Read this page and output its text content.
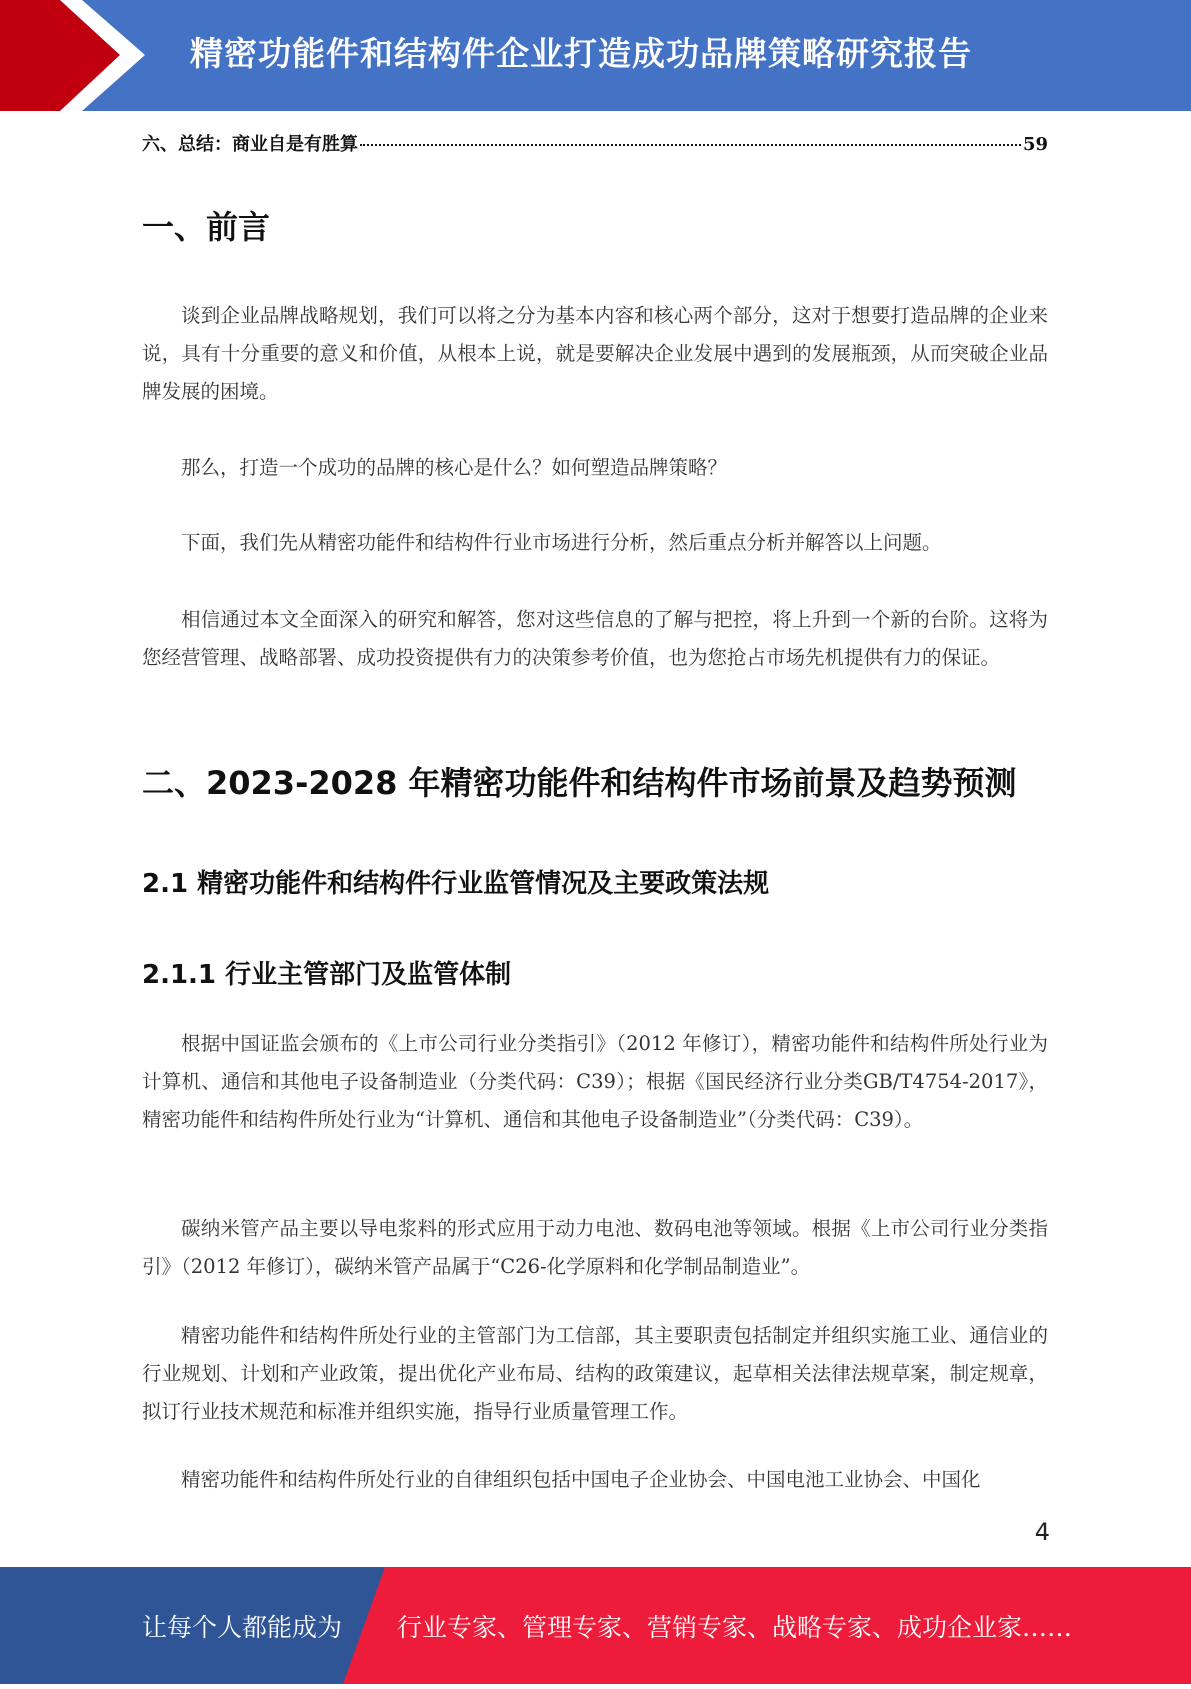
精密功能件和结构件企业打造成功品牌策略研究报告
六、总结：商业自是有胜算	59
一、前言

谈到企业品牌战略规划，我们可以将之分为基本内容和核心两个部分，这对于想要打造品牌的企业来说，具有十分重要的意义和价值，从根本上说，就是要解决企业发展中遇到的发展瓶颈，从而突破企业品牌发展的困境。

那么，打造一个成功的品牌的核心是什么？如何塑造品牌策略？

下面，我们先从精密功能件和结构件行业市场进行分析，然后重点分析并解答以上问题。

相信通过本文全面深入的研究和解答，您对这些信息的了解与把控，将上升到一个新的台阶。这将为您经营管理、战略部署、成功投资提供有力的决策参考价值，也为您抢占市场先机提供有力的保证。

二、2023-2028 年精密功能件和结构件市场前景及趋势预测
2.1 精密功能件和结构件行业监管情况及主要政策法规
2.1.1 行业主管部门及监管体制

根据中国证监会颁布的《上市公司行业分类指引》（2012 年修订），精密功能件和结构件所处行业为计算机、通信和其他电子设备制造业（分类代码：C39）；根据《国民经济行业分类GB/T4754-2017》，精密功能件和结构件所处行业为“计算机、通信和其他电子设备制造业”（分类代码：C39）。

碳纳米管产品主要以导电浆料的形式应用于动力电池、数码电池等领域。根据《上市公司行业分类指引》（2012 年修订），碳纳米管产品属于“C26-化学原料和化学制品制造业”。

精密功能件和结构件所处行业的主管部门为工信部，其主要职责包括制定并组织实施工业、通信业的行业规划、计划和产业政策，提出优化产业布局、结构的政策建议，起草相关法律法规草案，制定规章，拟订行业技术规范和标准并组织实施，指导行业质量管理工作。

精密功能件和结构件所处行业的自律组织包括中国电子企业协会、中国电池工业协会、中国化

4
让每个人都能成为 行业专家、管理专家、营销专家、战略专家、成功企业家……
